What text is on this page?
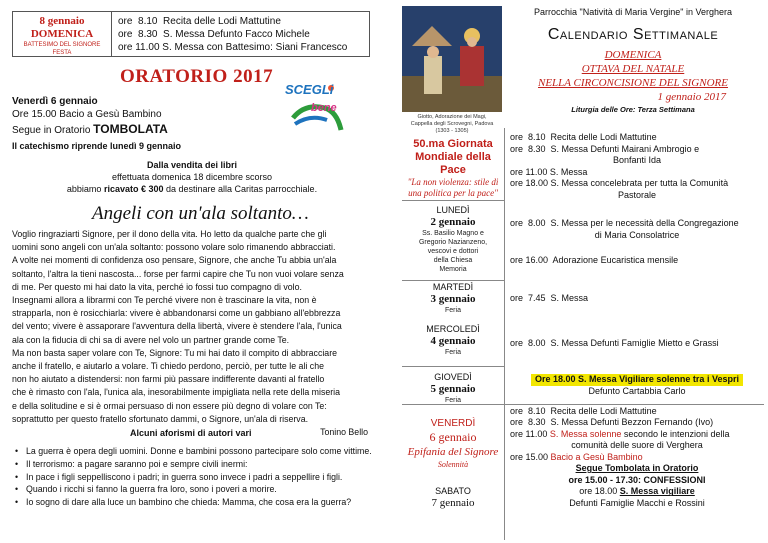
8 gennaio
DOMENICA
BATTESIMO DEL SIGNORE
FESTA
ore  8.10  Recita delle Lodi Mattutine
ore  8.30  S. Messa Defunto Facco Michele
ore 11.00 S. Messa con Battesimo: Siani Francesco
ORATORIO 2017
SCEGLi
bene
Venerdì 6 gennaio
Ore 15.00 Bacio a Gesù Bambino
Segue in Oratorio TOMBOLATA
Il catechismo riprende lunedì 9 gennaio
Dalla vendita dei libri
effettuata domenica 18 dicembre scorso
abbiamo ricavato € 300 da destinare alla Caritas parrocchiale.
Angeli con un'ala soltanto…
Voglio ringraziarti Signore, per il dono della vita. Ho letto da qualche parte che gli
uomini sono angeli con un'ala soltanto: possono volare solo rimanendo abbracciati.
A volte nei momenti di confidenza oso pensare, Signore, che anche Tu abbia un'ala
soltanto, l'altra la tieni nascosta... forse per farmi capire che Tu non vuoi volare senza
di me. Per questo mi hai dato la vita, perché io fossi tuo compagno di volo.
Insegnami allora a librarmi con Te perché vivere non è trascinare la vita, non è
strapparla, non è rosicchiarla: vivere è abbandonarsi come un gabbiano all'ebbrezza
del vento; vivere è assaporare l'avventura della libertà, vivere è stendere l'ala, l'unica
ala con la fiducia di chi sa di avere nel volo un partner grande come Te.
Ma non basta saper volare con Te, Signore: Tu mi hai dato il compito di abbracciare
anche il fratello, e aiutarlo a volare. Ti chiedo perdono, perciò, per tutte le ali che
non ho aiutato a distendersi: non farmi più passare indifferente davanti al fratello
che è rimasto con l'ala, l'unica ala, inesorabilmente impigliata nella rete della miseria
e della solitudine e si è ormai persuaso di non essere più degno di volare con Te:
soprattutto per questo fratello sfortunato dammi, o Signore, un'ala di riserva.
Tonino Bello
Alcuni aforismi di autori vari
• La guerra è opera degli uomini. Donne e bambini possono partecipare solo come vittime.
• Il terrorismo: a pagare saranno poi e sempre civili inermi:
• In pace i figli seppelliscono i padri; in guerra sono invece i padri a seppellire i figli.
• Quando i ricchi si fanno la guerra fra loro, sono i poveri a morire.
• Io sogno di dare alla luce un bambino che chieda: Mamma, che cosa era la guerra?
Giotto, Adorazione dei Magi,
Cappella degli Scrovegni, Padova
(1303 - 1305)
Parrocchia "Natività di Maria Vergine" in Verghera
Calendario Settimanale
DOMENICA
OTTAVA DEL NATALE
NELLA CIRCONCISIONE DEL SIGNORE
1 gennaio 2017
Liturgia delle Ore: Terza Settimana
50.ma Giornata
Mondiale della Pace
"La non violenza: stile di
una politica per la pace"
ore  8.10  Recita delle Lodi Mattutine
ore  8.30  S. Messa Defunti Mairani Ambrogio e
Bonfanti Ida
ore 11.00 S. Messa
ore 18.00 S. Messa concelebrata per tutta la Comunità
Pastorale
LUNEDÌ
2 gennaio
Ss. Basilio Magno e
Gregorio Nazianzeno,
vescovi e dottori
della Chiesa
Memoria
ore  8.00  S. Messa per le necessità della Congregazione
di Maria Consolatrice
ore 16.00  Adorazione Eucaristica mensile
MARTEDÌ
3 gennaio
Feria
ore  7.45  S. Messa
MERCOLEDÌ
4 gennaio
Feria
ore  8.00  S. Messa Defunti Famiglie Mietto e Grassi
GIOVEDÌ
5 gennaio
Feria
Ore 18.00 S. Messa Vigiliare solenne tra i Vespri
Defunto Cartabbia Carlo
VENERDÌ
6 gennaio
Epifania del Signore
Solennità
ore  8.10  Recita delle Lodi Mattutine
ore  8.30  S. Messa Defunti Bezzon Fernando (Ivo)
ore 11.00 S. Messa solenne secondo le intenzioni della
comunità delle suore di Verghera
ore 15.00 Bacio a Gesù Bambino
Segue Tombolata in Oratorio
SABATO
7 gennaio
ore 15.00 - 17.30: CONFESSIONI
ore 18.00 S. Messa vigiliare
Defunti Famiglie Macchi e Rossini
